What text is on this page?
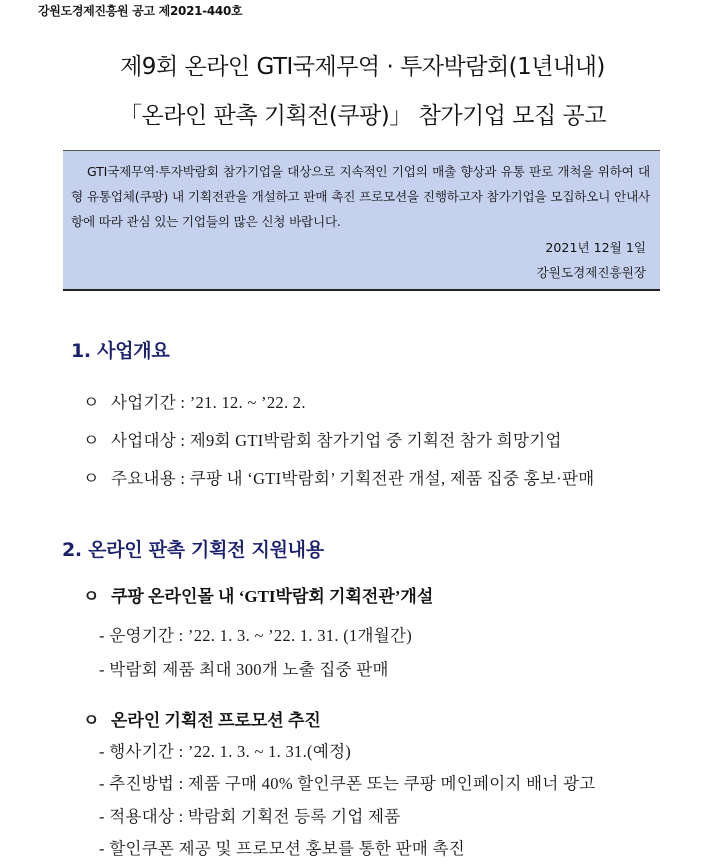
강원도경제진흥원 공고 제2021-440호
제9회 온라인 GTI국제무역 · 투자박람회(1년내내)
「온라인 판촉 기획전(쿠팡)」 참가기업 모집 공고
GTI국제무역·투자박람회 참가기업을 대상으로 지속적인 기업의 매출 향상과 유통 판로 개척을 위하여 대형 유통업체(쿠팡) 내 기획전관을 개설하고 판매 촉진 프로모션을 진행하고자 참가기업을 모집하오니 안내사항에 따라 관심 있는 기업들의 많은 신청 바랍니다.
2021년 12월 1일
강원도경제진흥원장
1. 사업개요
ㅇ 사업기간 : ’21. 12. ~ ’22. 2.
ㅇ 사업대상 : 제9회 GTI박람회 참가기업 중 기획전 참가 희망기업
ㅇ 주요내용 : 쿠팡 내 ‘GTI박람회’ 기획전관 개설, 제품 집중 홍보·판매
2. 온라인 판촉 기획전 지원내용
ㅇ 쿠팡 온라인몰 내 ‘GTI박람회 기획전관’개설
- 운영기간 : ’22. 1. 3. ~ ’22. 1. 31. (1개월간)
- 박람회 제품 최대 300개 노출 집중 판매
ㅇ 온라인 기획전 프로모션 추진
- 행사기간 : ’22. 1. 3. ~ 1. 31.(예정)
- 추진방법 : 제품 구매 40% 할인쿠폰 또는 쿠팡 메인페이지 배너 광고
- 적용대상 : 박람회 기획전 등록 기업 제품
- 할인쿠폰 제공 및 프로모션 홍보를 통한 판매 촉진
